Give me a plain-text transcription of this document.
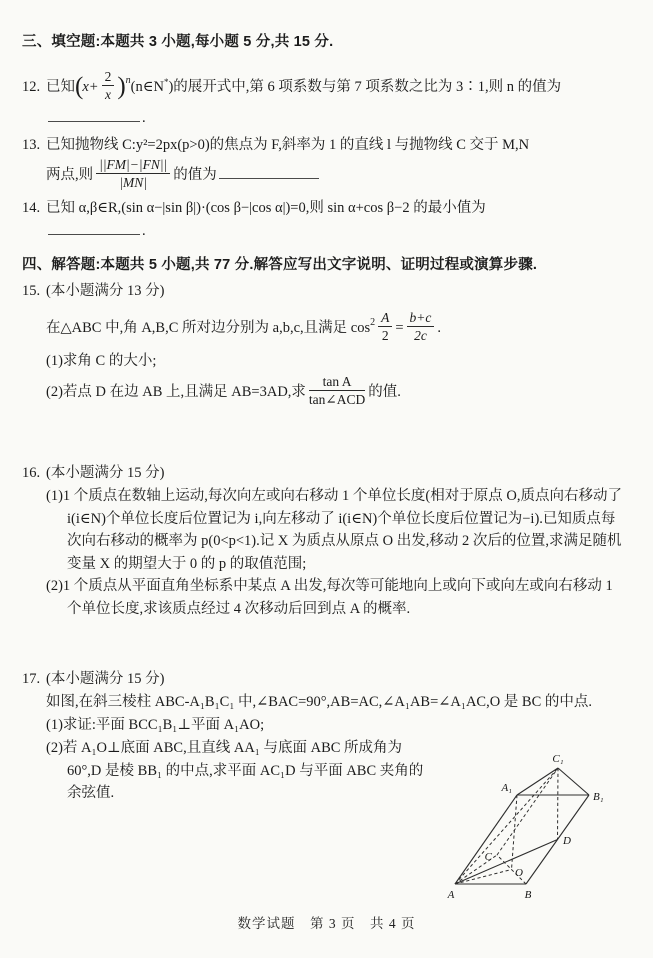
三、填空题:本题共 3 小题,每小题 5 分,共 15 分.
12. 已知($x+ \frac{2}{x}$ )$^n(n\in N^*)$的展开式中,第 6 项系数与第 7 项系数之比为 3∶1,则 n 的值为
.
13. 已知抛物线 C:y²=2px(p>0)的焦点为 F,斜率为 1 的直线 l 与抛物线 C 交于 M,N
两点,则 $\frac{||FM|-|FN||}{|MN|}$ 的值为
14. 已知 α,β∈R,(sin α−|sin β|)·(cos β−|cos α|)=0,则 sin α+cos β−2 的最小值为
.
四、解答题:本题共 5 小题,共 77 分.解答应写出文字说明、证明过程或演算步骤.
15. (本小题满分 13 分)
在△ABC 中,角 A,B,C 所对边分别为 a,b,c,且满足 $\cos^2 \frac{A}{2} = \frac{b+c}{2c}$ .
(1)求角 C 的大小;
(2)若点 D 在边 AB 上,且满足 AB=3AD,求 $\frac{\text{tan A}}{\text{tan∠ACD}}$ 的值.
16. (本小题满分 15 分)
(1)1 个质点在数轴上运动,每次向左或向右移动 1 个单位长度(相对于原点 O,质点向右移动了 i(i∈N)个单位长度后位置记为 i,向左移动了 i(i∈N)个单位长度后位置记为−i).已知质点每次向右移动的概率为 p(0<p<1).记 X 为质点从原点 O 出发,移动 2 次后的位置,求满足随机变量 X 的期望大于 0 的 p 的取值范围;
(2)1 个质点从平面直角坐标系中某点 A 出发,每次等可能地向上或向下或向左或向右移动 1 个单位长度,求该质点经过 4 次移动后回到点 A 的概率.
17. (本小题满分 15 分)
如图,在斜三棱柱 ABC-A₁B₁C₁ 中,∠BAC=90°,AB=AC,∠A₁AB=∠A₁AC,O 是 BC 的中点.
(1)求证:平面 BCC₁B₁⊥平面 A₁AO;
(2)若 A₁O⊥底面 ABC,且直线 AA₁ 与底面 ABC 所成角为 60°,D 是棱 BB₁ 的中点,求平面 AC₁D 与平面 ABC 夹角的余弦值.
A	B
C
O
D
A₁
B₁
C₁
数学试题　第 3 页　共 4 页
